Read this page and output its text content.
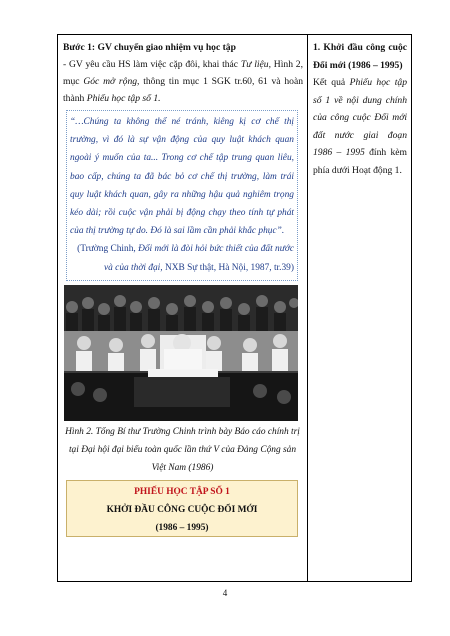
Bước 1: GV chuyển giao nhiệm vụ học tập
- GV yêu cầu HS làm việc cặp đôi, khai thác Tư liệu, Hình 2, mục Góc mở rộng, thông tin mục 1 SGK tr.60, 61 và hoàn thành Phiếu học tập số 1.
“…Chúng ta không thể né tránh, kiêng kị cơ chế thị trường, vì đó là sự vận động của quy luật khách quan ngoài ý muốn của ta... Trong cơ chế tập trung quan liêu, bao cấp, chúng ta đã bác bỏ cơ chế thị trường, làm trái quy luật khách quan, gây ra những hậu quả nghiêm trọng kéo dài; rồi cuộc vận phải bị động chạy theo tính tự phát của thị trường tự do. Đó là sai lầm cần phải khắc phục”.
(Trường Chinh, Đổi mới là đòi hỏi bức thiết của đất nước và của thời đại, NXB Sự thật, Hà Nội, 1987, tr.39)
Hình 2. Tổng Bí thư Trường Chinh trình bày Báo cáo chính trị tại Đại hội đại biểu toàn quốc lần thứ V của Đảng Cộng sản Việt Nam (1986)
PHIẾU HỌC TẬP SỐ 1
KHỞI ĐẦU CÔNG CUỘC ĐỔI MỚI
(1986 – 1995)

1. Khởi đầu công cuộc Đổi mới (1986 – 1995)
Kết quả Phiếu học tập số 1 về nội dung chính của công cuộc Đổi mới đất nước giai đoạn 1986 – 1995 đính kèm phía dưới Hoạt động 1.
4
